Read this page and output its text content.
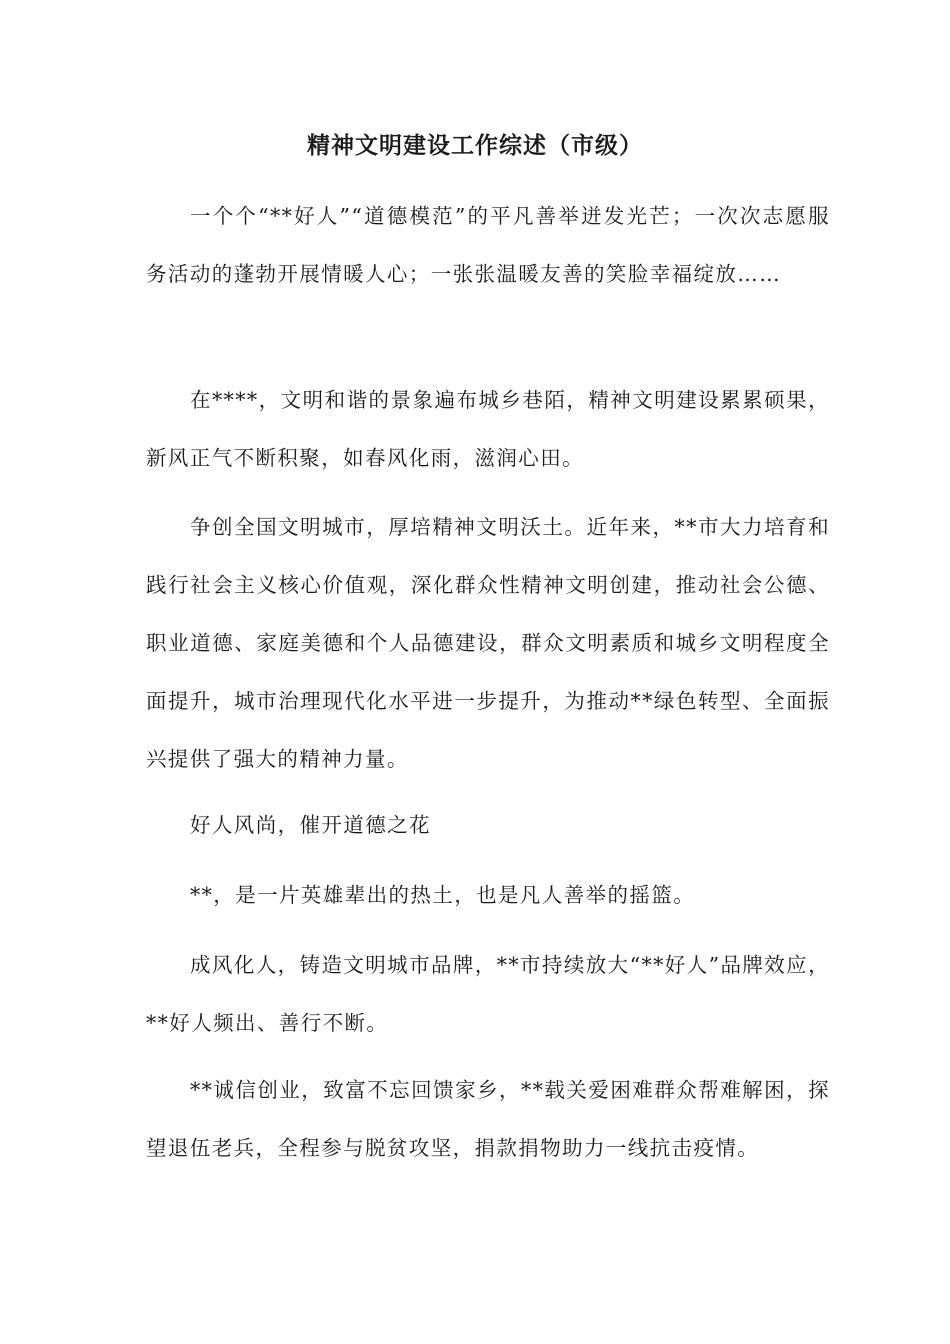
精神文明建设工作综述（市级）

一个个“**好人”“道德模范”的平凡善举迸发光芒；一次次志愿服务活动的蓬勃开展情暖人心；一张张温暖友善的笑脸幸福绽放……

在****，文明和谐的景象遍布城乡巷陌，精神文明建设累累硕果，新风正气不断积聚，如春风化雨，滋润心田。

争创全国文明城市，厚培精神文明沃土。近年来，**市大力培育和践行社会主义核心价值观，深化群众性精神文明创建，推动社会公德、职业道德、家庭美德和个人品德建设，群众文明素质和城乡文明程度全面提升，城市治理现代化水平进一步提升，为推动**绿色转型、全面振兴提供了强大的精神力量。

好人风尚，催开道德之花

**，是一片英雄辈出的热土，也是凡人善举的摇篮。

成风化人，铸造文明城市品牌，**市持续放大“**好人”品牌效应，**好人频出、善行不断。

**诚信创业，致富不忘回馈家乡，**载关爱困难群众帮难解困，探望退伍老兵，全程参与脱贫攻坚，捐款捐物助力一线抗击疫情。
